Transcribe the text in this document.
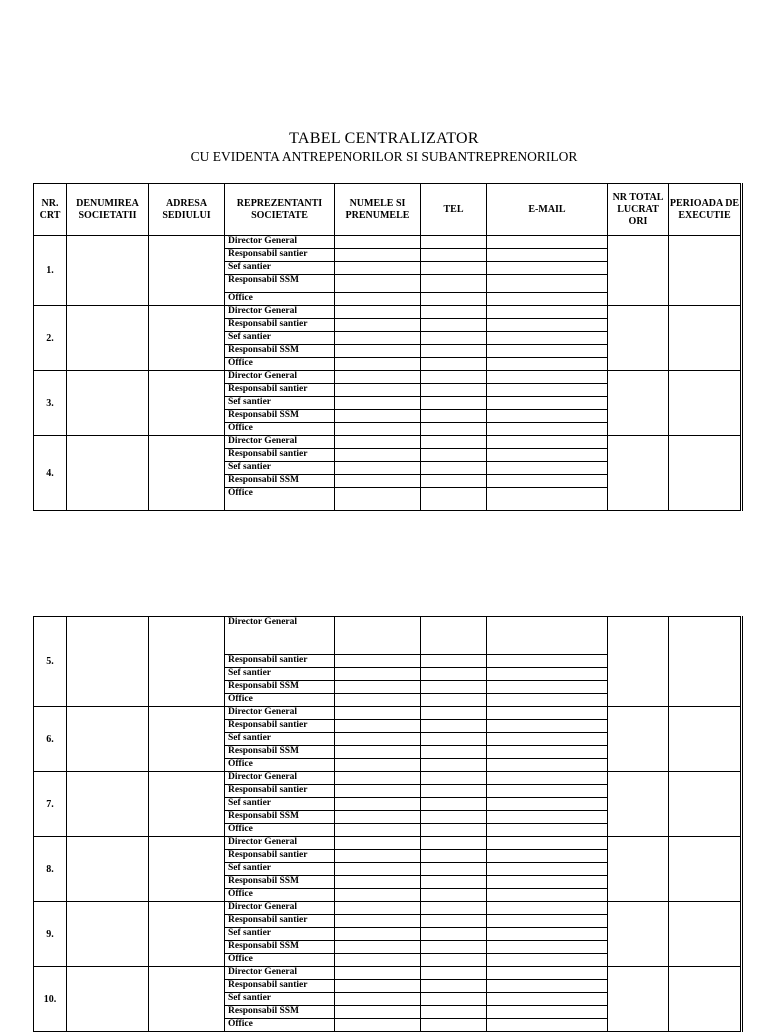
TABEL CENTRALIZATOR
CU EVIDENTA ANTREPENORILOR SI SUBANTREPRENORILOR
NR. CRT	DENUMIREA SOCIETATII	ADRESA SEDIULUI	REPREZENTANTI SOCIETATE	NUMELE SI PRENUMELE	TEL	E-MAIL	NR TOTAL LUCRAT ORI	PERIOADA DE EXECUTIE
1.			Director General					
			Responsabil santier					
			Sef santier					
			Responsabil SSM					
			Office					
2.			Director General					
			Responsabil santier					
			Sef santier					
			Responsabil SSM					
			Office					
3.			Director General					
			Responsabil santier					
			Sef santier					
			Responsabil SSM					
			Office					
4.			Director General					
			Responsabil santier					
			Sef santier					
			Responsabil SSM					
			Office					
5.			Director General					
			Responsabil santier					
			Sef santier					
			Responsabil SSM					
			Office					
6.			Director General					
			Responsabil santier					
			Sef santier					
			Responsabil SSM					
			Office					
7.			Director General					
			Responsabil santier					
			Sef santier					
			Responsabil SSM					
			Office					
8.			Director General					
			Responsabil santier					
			Sef santier					
			Responsabil SSM					
			Office					
9.			Director General					
			Responsabil santier					
			Sef santier					
			Responsabil SSM					
			Office					
10.			Director General					
			Responsabil santier					
			Sef santier					
			Responsabil SSM					
			Office					
